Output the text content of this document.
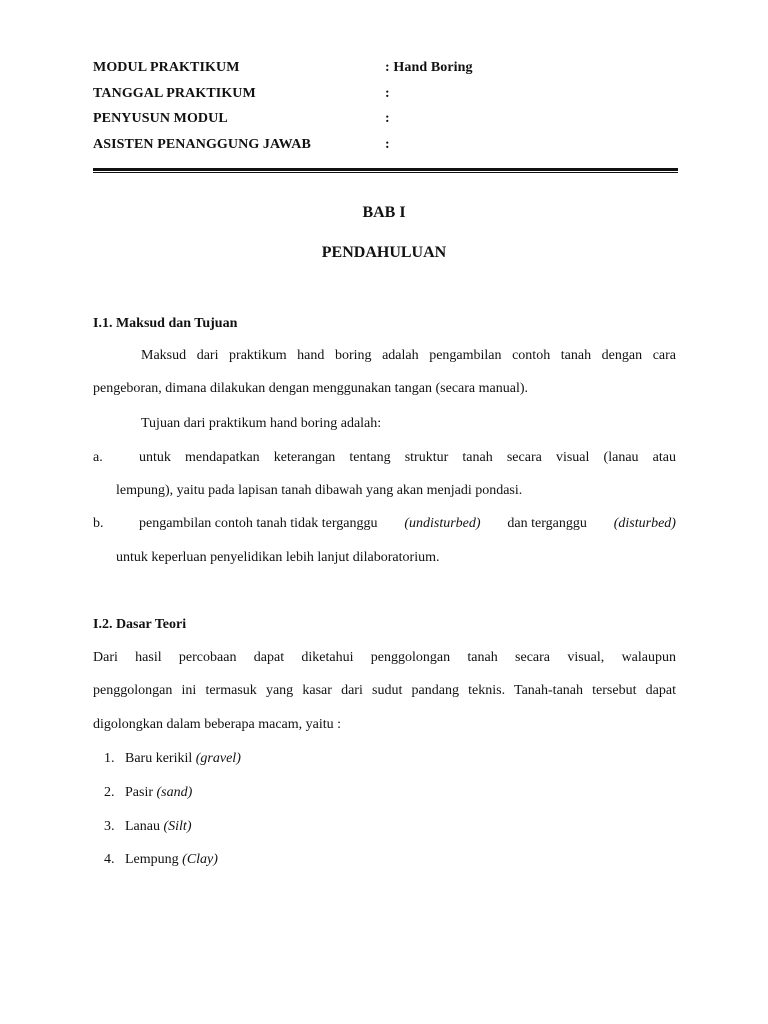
MODUL PRAKTIKUM	: Hand Boring
TANGGAL PRAKTIKUM	:
PENYUSUN MODUL	:
ASISTEN PENANGGUNG JAWAB	:
BAB I
PENDAHULUAN
I.1. Maksud dan Tujuan
Maksud dari praktikum hand boring adalah pengambilan contoh tanah dengan cara
pengeboran, dimana dilakukan dengan menggunakan tangan (secara manual).
Tujuan dari praktikum hand boring adalah:
a.	untuk mendapatkan keterangan tentang struktur tanah secara visual (lanau atau
lempung), yaitu pada lapisan tanah dibawah yang akan menjadi pondasi.
b.	pengambilan contoh tanah tidak terganggu (undisturbed) dan terganggu (disturbed)
untuk keperluan penyelidikan lebih lanjut dilaboratorium.
I.2. Dasar Teori
Dari hasil percobaan dapat diketahui penggolongan tanah secara visual, walaupun
penggolongan ini termasuk yang kasar dari sudut pandang teknis. Tanah-tanah tersebut dapat
digolongkan dalam beberapa macam, yaitu :
1. Baru kerikil (gravel)
2. Pasir (sand)
3. Lanau (Silt)
4. Lempung (Clay)
